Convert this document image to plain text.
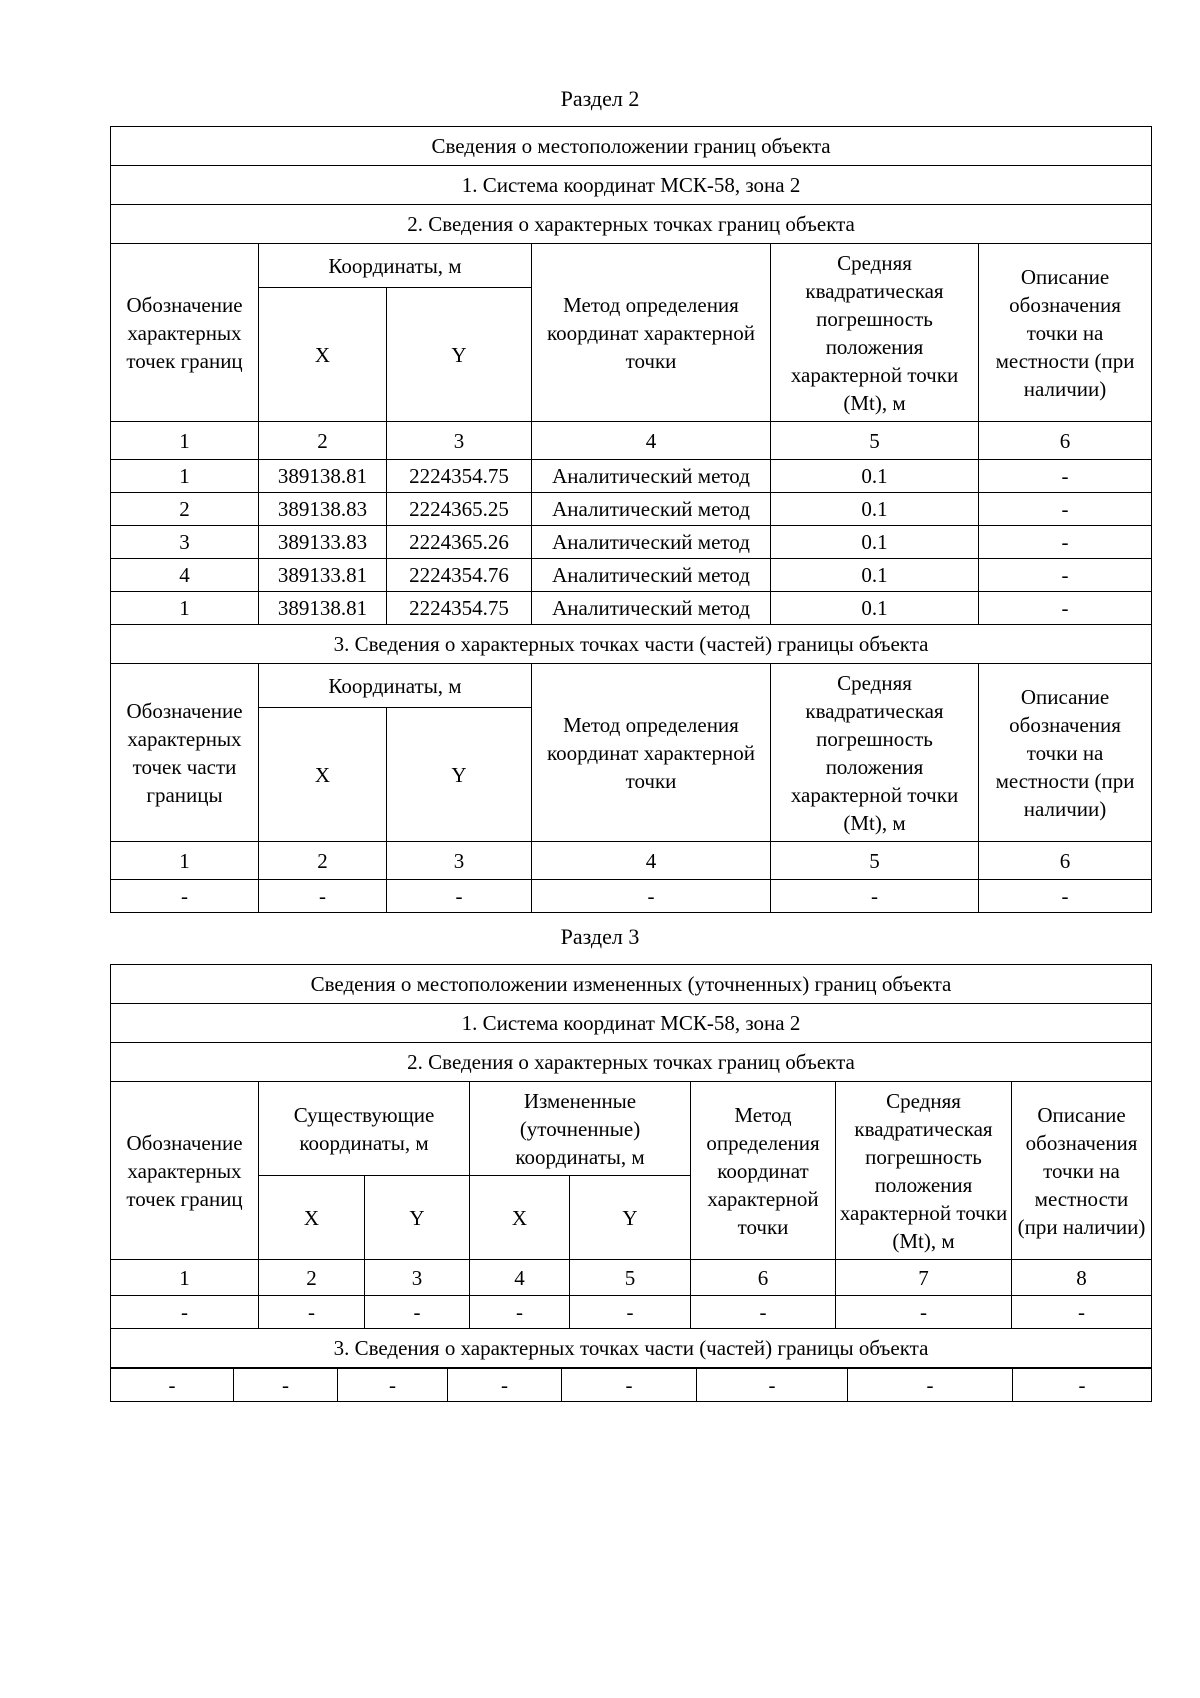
Раздел 2
Сведения о местоположении границ объекта					
1. Система координат МСК-58, зона 2					
2. Сведения о характерных точках границ объекта					
Обозначение характерных точек границ	Координаты, м		Метод определения координат характерной точки	Средняя квадратическая погрешность положения характерной точки (Mt), м	Описание обозначения точки на местности (при наличии)
	X	Y			
1	2	3	4	5	6
1	389138.81	2224354.75	Аналитический метод	0.1	-
2	389138.83	2224365.25	Аналитический метод	0.1	-
3	389133.83	2224365.26	Аналитический метод	0.1	-
4	389133.81	2224354.76	Аналитический метод	0.1	-
1	389138.81	2224354.75	Аналитический метод	0.1	-
3. Сведения о характерных точках части (частей) границы объекта					
Обозначение характерных точек части границы	Координаты, м		Метод определения координат характерной точки	Средняя квадратическая погрешность положения характерной точки (Mt), м	Описание обозначения точки на местности (при наличии)
	X	Y			
1	2	3	4	5	6
-	-	-	-	-	-
Раздел 3
Сведения о местоположении измененных (уточненных) границ объекта							
1. Система координат МСК-58, зона 2							
2. Сведения о характерных точках границ объекта							
Обозначение характерных точек границ	Существующие координаты, м		Измененные (уточненные) координаты, м		Метод определения координат характерной точки	Средняя квадратическая погрешность положения характерной точки (Mt), м	Описание обозначения точки на местности (при наличии)
	X	Y	X	Y			
1	2	3	4	5	6	7	8
-	-	-	-	-	-	-	-
3. Сведения о характерных точках части (частей) границы объекта							
-	-	-	-	-	-	-	-
